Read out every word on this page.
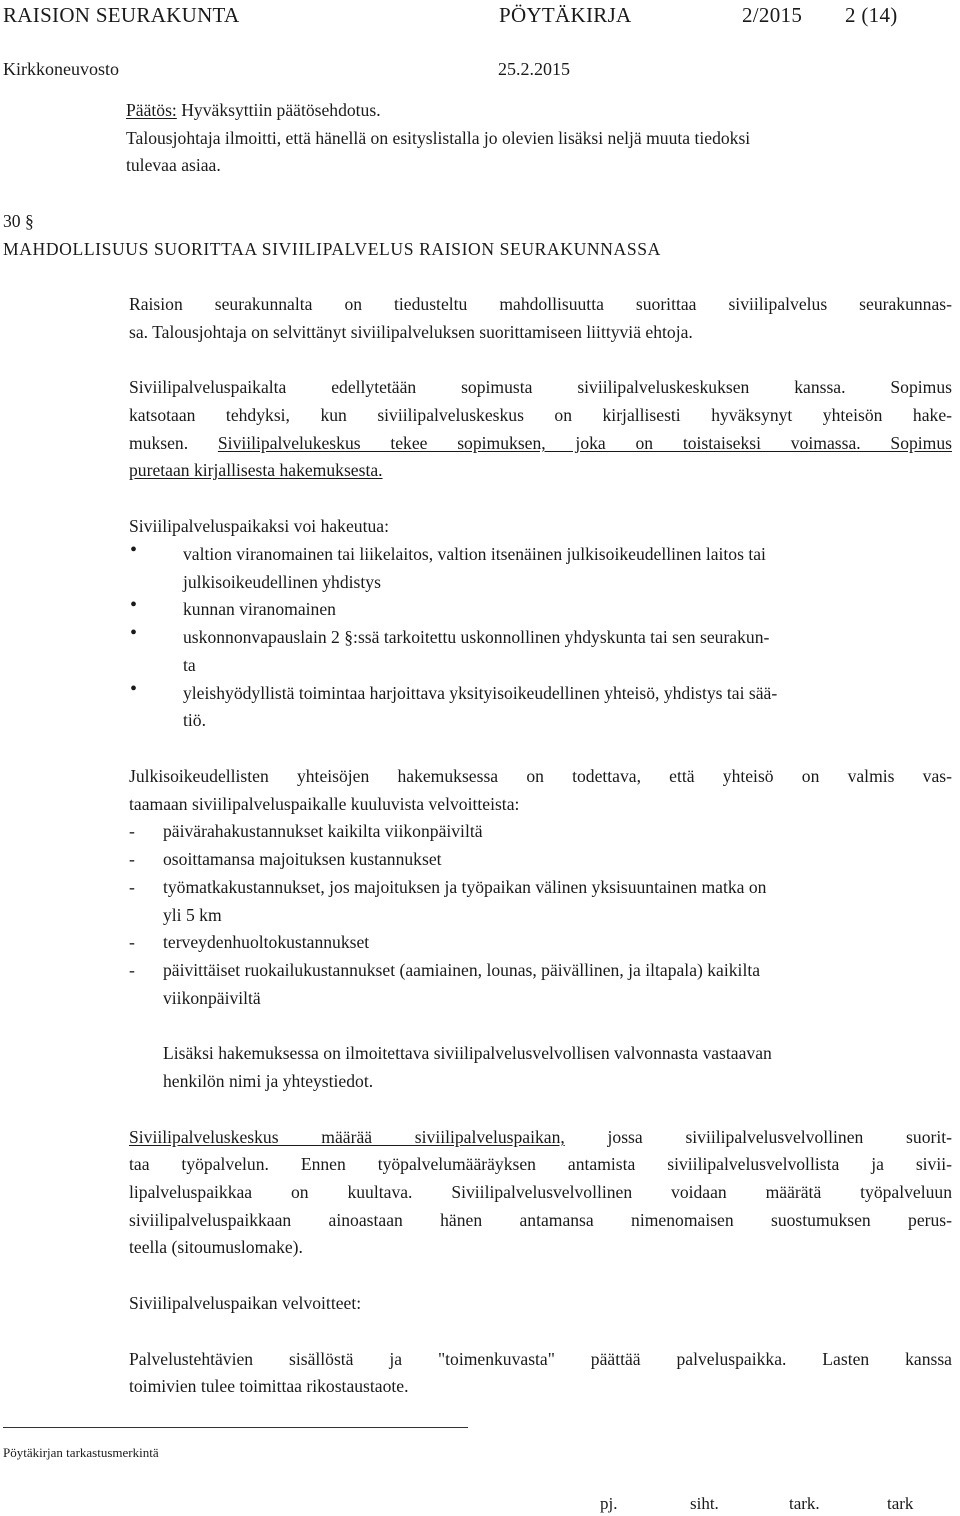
RAISION SEURAKUNTA	PÖYTÄKIRJA	2/2015 2 (14)
Kirkkoneuvosto	25.2.2015
Päätös: Hyväksyttiin päätösehdotus.
Talousjohtaja ilmoitti, että hänellä on esityslistalla jo olevien lisäksi neljä muuta tiedoksi
tulevaa asiaa.
30 §
MAHDOLLISUUS SUORITTAA SIVIILIPALVELUS RAISION SEURAKUNNASSA
Raision seurakunnalta on tiedusteltu mahdollisuutta suorittaa siviilipalvelus seurakunnas-
sa. Talousjohtaja on selvittänyt siviilipalveluksen suorittamiseen liittyviä ehtoja.
Siviilipalveluspaikalta edellytetään sopimusta siviilipalveluskeskuksen kanssa. Sopimus
katsotaan tehdyksi, kun siviilipalveluskeskus on kirjallisesti hyväksynyt yhteisön hake-
muksen. Siviilipalvelukeskus tekee sopimuksen, joka on toistaiseksi voimassa. Sopimus
puretaan kirjallisesta hakemuksesta.
Siviilipalveluspaikaksi voi hakeutua:
•	valtion viranomainen tai liikelaitos, valtion itsenäinen julkisoikeudellinen laitos tai
julkisoikeudellinen yhdistys
•	kunnan viranomainen
•	uskonnonvapauslain 2 §:ssä tarkoitettu uskonnollinen yhdyskunta tai sen seurakun-
ta
•	yleishyödyllistä toimintaa harjoittava yksityisoikeudellinen yhteisö, yhdistys tai sää-
tiö.
Julkisoikeudellisten yhteisöjen hakemuksessa on todettava, että yhteisö on valmis vas-
taamaan siviilipalveluspaikalle kuuluvista velvoitteista:
- päivärahakustannukset kaikilta viikonpäiviltä
- osoittamansa majoituksen kustannukset
- työmatkakustannukset, jos majoituksen ja työpaikan välinen yksisuuntainen matka on
yli 5 km
- terveydenhuoltokustannukset
- päivittäiset ruokailukustannukset (aamiainen, lounas, päivällinen, ja iltapala) kaikilta
viikonpäiviltä
Lisäksi hakemuksessa on ilmoitettava siviilipalvelusvelvollisen valvonnasta vastaavan
henkilön nimi ja yhteystiedot.
Siviilipalveluskeskus määrää siviilipalveluspaikan, jossa siviilipalvelusvelvollinen suorit-
taa työpalvelun. Ennen työpalvelumääräyksen antamista siviilipalvelusvelvollista ja sivii-
lipalveluspaikkaa on kuultava. Siviilipalvelusvelvollinen voidaan määrätä työpalveluun
siviilipalveluspaikkaan ainoastaan hänen antamansa nimenomaisen suostumuksen perus-
teella (sitoumuslomake).
Siviilipalveluspaikan velvoitteet:
Palvelustehtävien sisällöstä ja "toimenkuvasta" päättää palveluspaikka. Lasten kanssa
toimivien tulee toimittaa rikostaustaote.
Pöytäkirjan tarkastusmerkintä
pj.	siht.	tark.	tark
